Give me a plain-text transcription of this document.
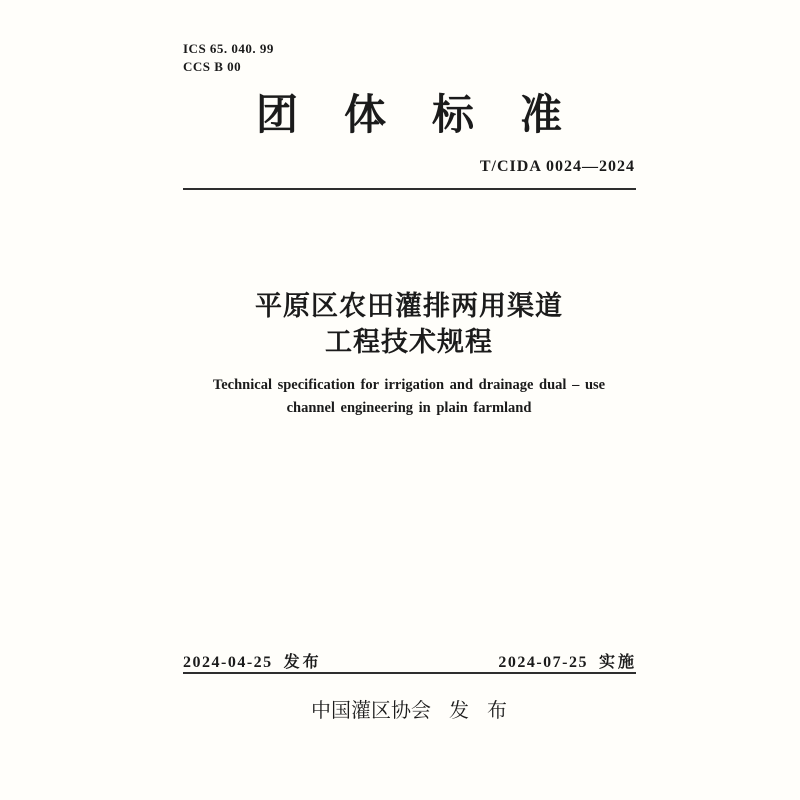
ICS 65. 040. 99
CCS B 00
团体标准
T/CIDA 0024—2024
平原区农田灌排两用渠道
工程技术规程
Technical specification for irrigation and drainage dual – use
channel engineering in plain farmland
2024-04-25 发布	2024-07-25 实施
中国灌区协会 发布
